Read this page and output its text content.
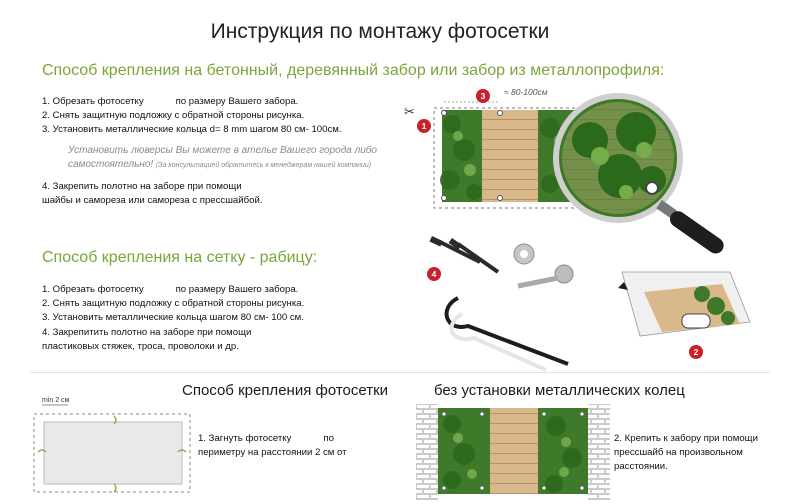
Инструкция по монтажу фотосетки
Способ крепления на бетонный, деревянный забор или забор из металлопрофиля:
1. Обрезать фотосетку            по размеру Вашего забора.
2. Снять защитную подложку с обратной стороны рисунка.
3. Установить металлические кольца d= 8 mm шагом 80 см- 100см.
Установить люверсы Вы можете в ателье Вашего города либо
самостоятельно! (За консультацией обратитесь к менеджерам нашей компании)
4. Закрепить полотно на заборе при помощи
шайбы и самореза или самореза с прессшайбой.
Способ крепления на сетку - рабицу:
1. Обрезать фотосетку            по размеру Вашего забора.
2. Снять защитную подложку с обратной стороны рисунка.
3. Установить металлические кольца шагом 80 см- 100 см.
4. Закрепитить полотно на заборе при помощи
пластиковых стяжек, троса, проволоки и др.
✂
≈ 80-100см
1
3
4
2
Способ крепления фотосетки	без установки металлических колец
min 2 см
1. Загнуть фотосетку            по
периметру на расстоянии 2 см от
2. Крепить к забору при помощи
прессшайб на произвольном
расстоянии.
